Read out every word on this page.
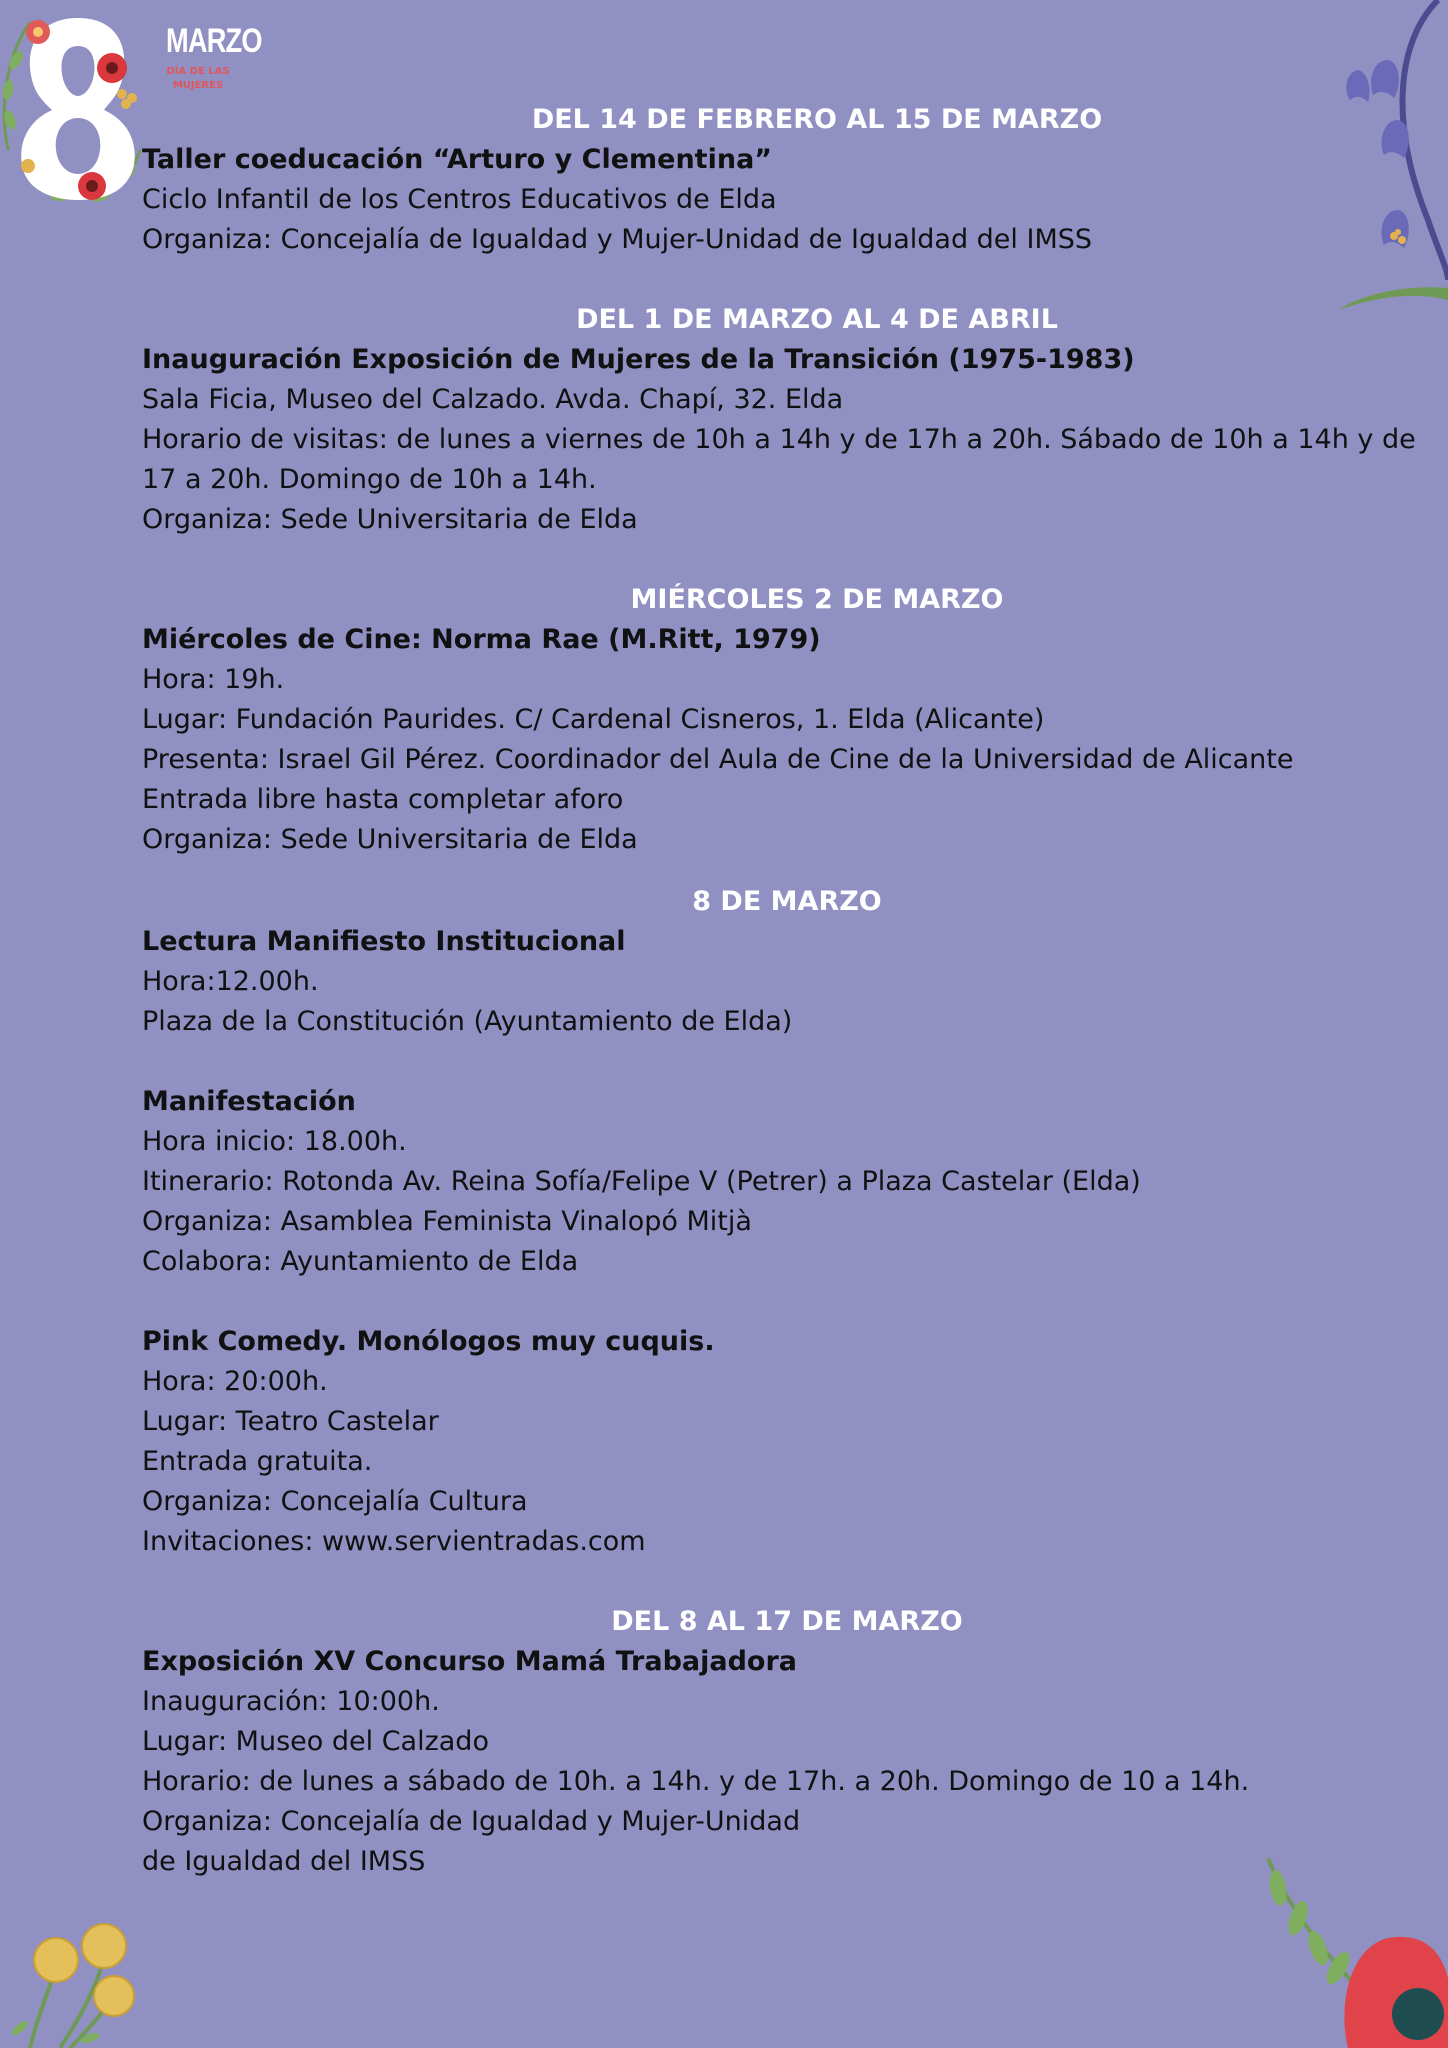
MARZO
DÍA DE LAS
MUJERES
DEL 14 DE FEBRERO AL 15 DE MARZO
Taller coeducación “Arturo y Clementina”
Ciclo Infantil de los Centros Educativos de Elda
Organiza: Concejalía de Igualdad y Mujer-Unidad de Igualdad del IMSS
DEL 1 DE MARZO AL 4 DE ABRIL
Inauguración Exposición de Mujeres de la Transición (1975-1983)
Sala Ficia, Museo del Calzado. Avda. Chapí, 32. Elda
Horario de visitas: de lunes a viernes de 10h a 14h y de 17h a 20h. Sábado de 10h a 14h y de
17 a 20h. Domingo de 10h a 14h.
Organiza: Sede Universitaria de Elda
MIÉRCOLES 2 DE MARZO
Miércoles de Cine: Norma Rae (M.Ritt, 1979)
Hora: 19h.
Lugar: Fundación Paurides. C/ Cardenal Cisneros, 1. Elda (Alicante)
Presenta: Israel Gil Pérez. Coordinador del Aula de Cine de la Universidad de Alicante
Entrada libre hasta completar aforo
Organiza: Sede Universitaria de Elda
8 DE MARZO
Lectura Manifiesto Institucional
Hora:12.00h.
Plaza de la Constitución (Ayuntamiento de Elda)
Manifestación
Hora inicio: 18.00h.
Itinerario: Rotonda Av. Reina Sofía/Felipe V (Petrer) a Plaza Castelar (Elda)
Organiza: Asamblea Feminista Vinalopó Mitjà
Colabora: Ayuntamiento de Elda
Pink Comedy. Monólogos muy cuquis.
Hora: 20:00h.
Lugar: Teatro Castelar
Entrada gratuita.
Organiza: Concejalía Cultura
Invitaciones: www.servientradas.com
DEL 8 AL 17 DE MARZO
Exposición XV Concurso Mamá Trabajadora
Inauguración: 10:00h.
Lugar: Museo del Calzado
Horario: de lunes a sábado de 10h. a 14h. y de 17h. a 20h. Domingo de 10 a 14h.
Organiza: Concejalía de Igualdad y Mujer-Unidad
de Igualdad del IMSS
